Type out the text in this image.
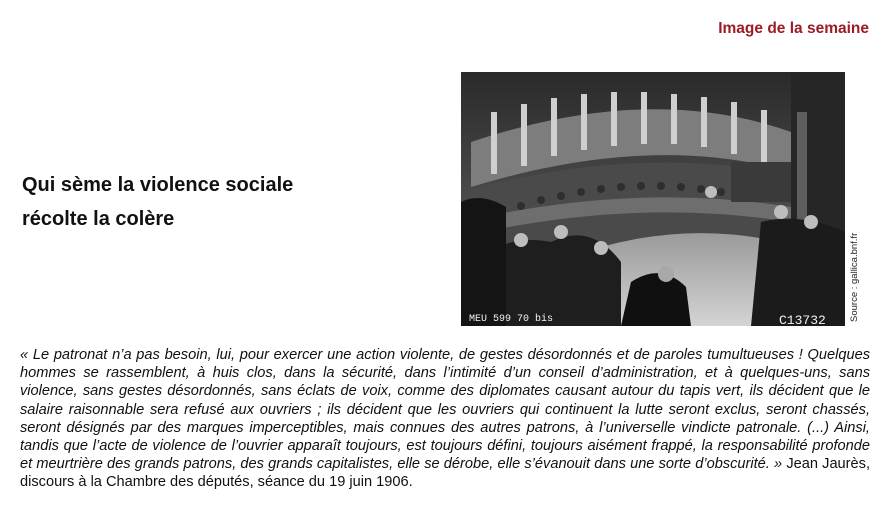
Image de la semaine
Qui sème la violence sociale
récolte la colère
MEU 599 70 bis	C13732 Source : gallica.bnf.fr

« Le patronat n’a pas besoin, lui, pour exercer une action violente, de gestes désordonnés et de paroles tumultueuses ! Quelques hommes se rassemblent, à huis clos, dans la sécurité, dans l’intimité d’un conseil d’administration, et à quelques-uns, sans violence, sans gestes désordonnés, sans éclats de voix, comme des diplomates causant autour du tapis vert, ils décident que le salaire raisonnable sera refusé aux ouvriers ; ils décident que les ouvriers qui continuent la lutte seront exclus, seront chassés, seront désignés par des marques imperceptibles, mais connues des autres patrons, à l’universelle vindicte patronale. (...) Ainsi, tandis que l’acte de violence de l’ouvrier apparaît toujours, est toujours défini, toujours aisément frappé, la responsabilité profonde et meurtrière des grands patrons, des grands capitalistes, elle se dérobe, elle s’évanouit dans une sorte d’obscurité. » Jean Jaurès, discours à la Chambre des députés, séance du 19 juin 1906.
